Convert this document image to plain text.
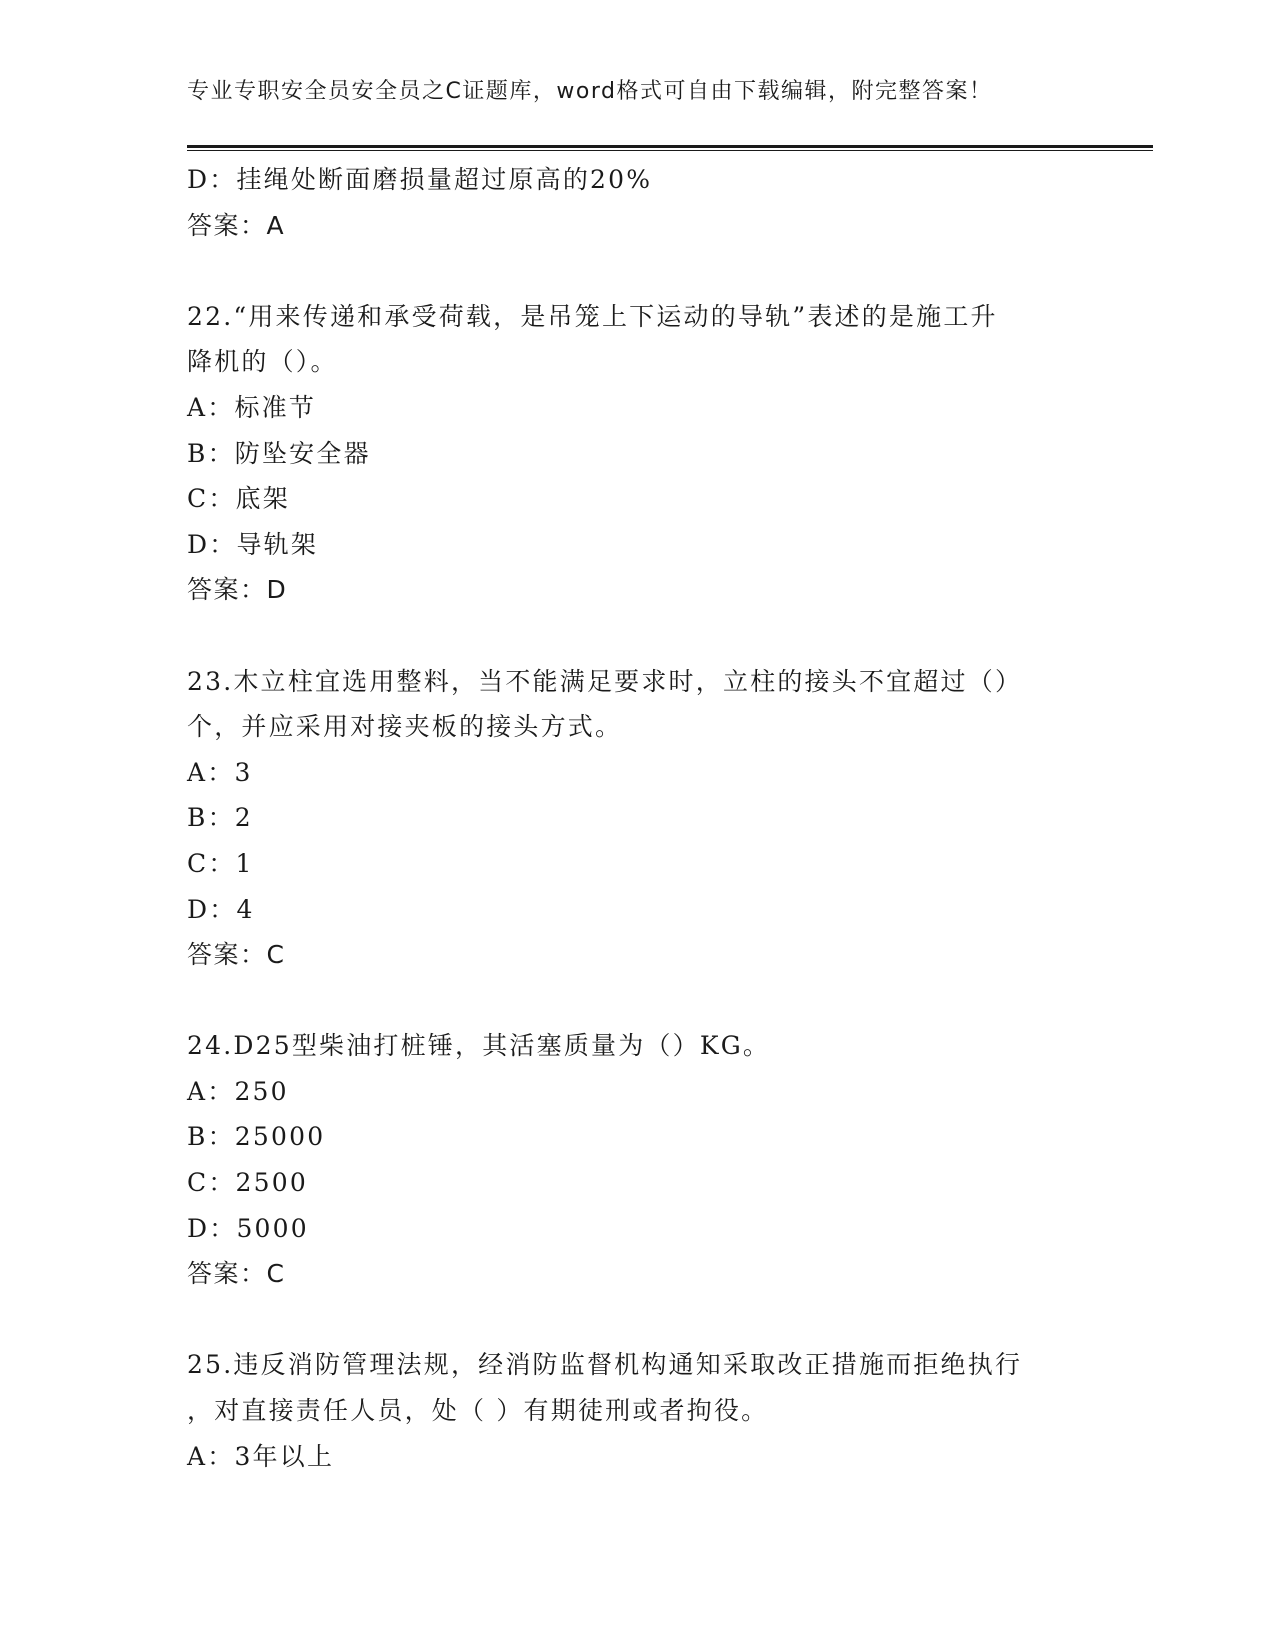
专业专职安全员安全员之C证题库，word格式可自由下载编辑，附完整答案！
D：挂绳处断面磨损量超过原高的20%
答案：A
22.“用来传递和承受荷载，是吊笼上下运动的导轨”表述的是施工升
降机的（）。
A：标准节
B：防坠安全器
C：底架
D：导轨架
答案：D
23.木立柱宜选用整料，当不能满足要求时，立柱的接头不宜超过（）
个，并应采用对接夹板的接头方式。
A：3
B：2
C：1
D：4
答案：C
24.D25型柴油打桩锤，其活塞质量为（）KG。
A：250
B：25000
C：2500
D：5000
答案：C
25.违反消防管理法规，经消防监督机构通知采取改正措施而拒绝执行
，对直接责任人员，处（ ）有期徒刑或者拘役。
A：3年以上
